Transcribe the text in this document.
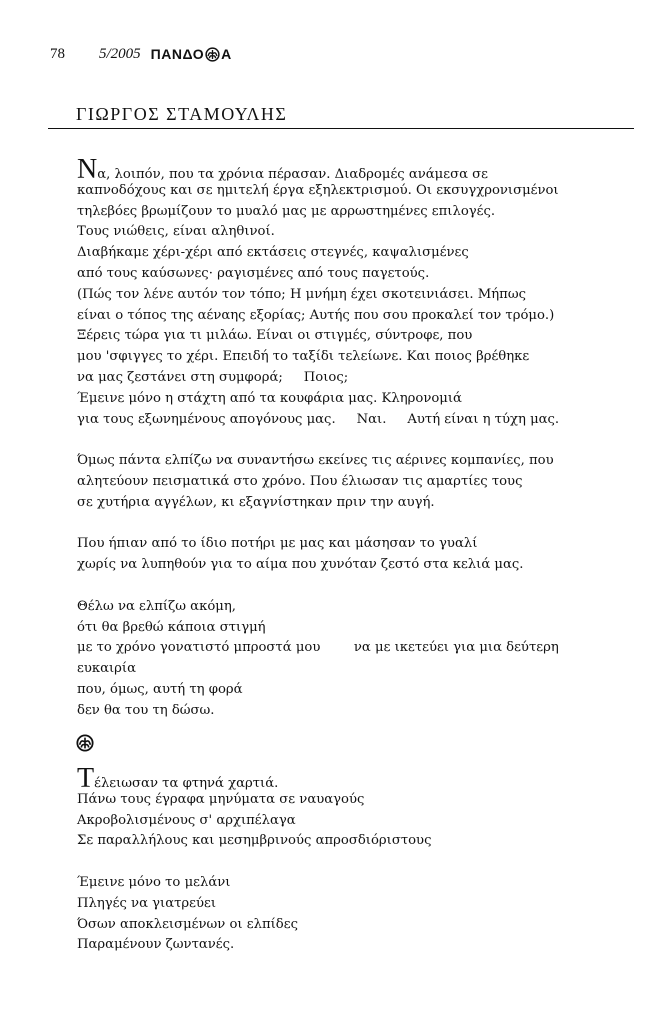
78 5/2005 ΠΑΝΔΟ Α
ΓΙΩΡΓΟΣ ΣΤΑΜΟΥΛΗΣ
Να, λοιπόν, που τα χρόνια πέρασαν. Διαδρομές ανάμεσα σε
καπνοδόχους και σε ημιτελή έργα εξηλεκτρισμού. Οι εκσυγχρονισμένοι
τηλεβόες βρωμίζουν το μυαλό μας με αρρωστημένες επιλογές.
Τους νιώθεις, είναι αληθινοί.
Διαβήκαμε χέρι-χέρι από εκτάσεις στεγνές, καψαλισμένες
από τους καύσωνες· ραγισμένες από τους παγετούς.
(Πώς τον λένε αυτόν τον τόπο; Η μνήμη έχει σκοτεινιάσει. Μήπως
είναι ο τόπος της αέναης εξορίας; Αυτής που σου προκαλεί τον τρόμο.)
Ξέρεις τώρα για τι μιλάω. Είναι οι στιγμές, σύντροφε, που
μου 'σφιγγες το χέρι. Επειδή το ταξίδι τελείωνε. Και ποιος βρέθηκε
να μας ζεστάνει στη συμφορά;     Ποιος;
Έμεινε μόνο η στάχτη από τα κουφάρια μας. Κληρονομιά
για τους εξωνημένους απογόνους μας.     Ναι.     Αυτή είναι η τύχη μας.
Όμως πάντα ελπίζω να συναντήσω εκείνες τις αέρινες κομπανίες, που
αλητεύουν πεισματικά στο χρόνο. Που έλιωσαν τις αμαρτίες τους
σε χυτήρια αγγέλων, κι εξαγνίστηκαν πριν την αυγή.
Που ήπιαν από το ίδιο ποτήρι με μας και μάσησαν το γυαλί
χωρίς να λυπηθούν για το αίμα που χυνόταν ζεστό στα κελιά μας.
Θέλω να ελπίζω ακόμη,
ότι θα βρεθώ κάποια στιγμή
με το χρόνο γονατιστό μπροστά μου        να με ικετεύει για μια δεύτερη
ευκαιρία
που, όμως, αυτή τη φορά
δεν θα του τη δώσω.
Τέλειωσαν τα φτηνά χαρτιά.
Πάνω τους έγραφα μηνύματα σε ναυαγούς
Ακροβολισμένους σ' αρχιπέλαγα
Σε παραλλήλους και μεσημβρινούς απροσδιόριστους
Έμεινε μόνο το μελάνι
Πληγές να γιατρεύει
Όσων αποκλεισμένων οι ελπίδες
Παραμένουν ζωντανές.
